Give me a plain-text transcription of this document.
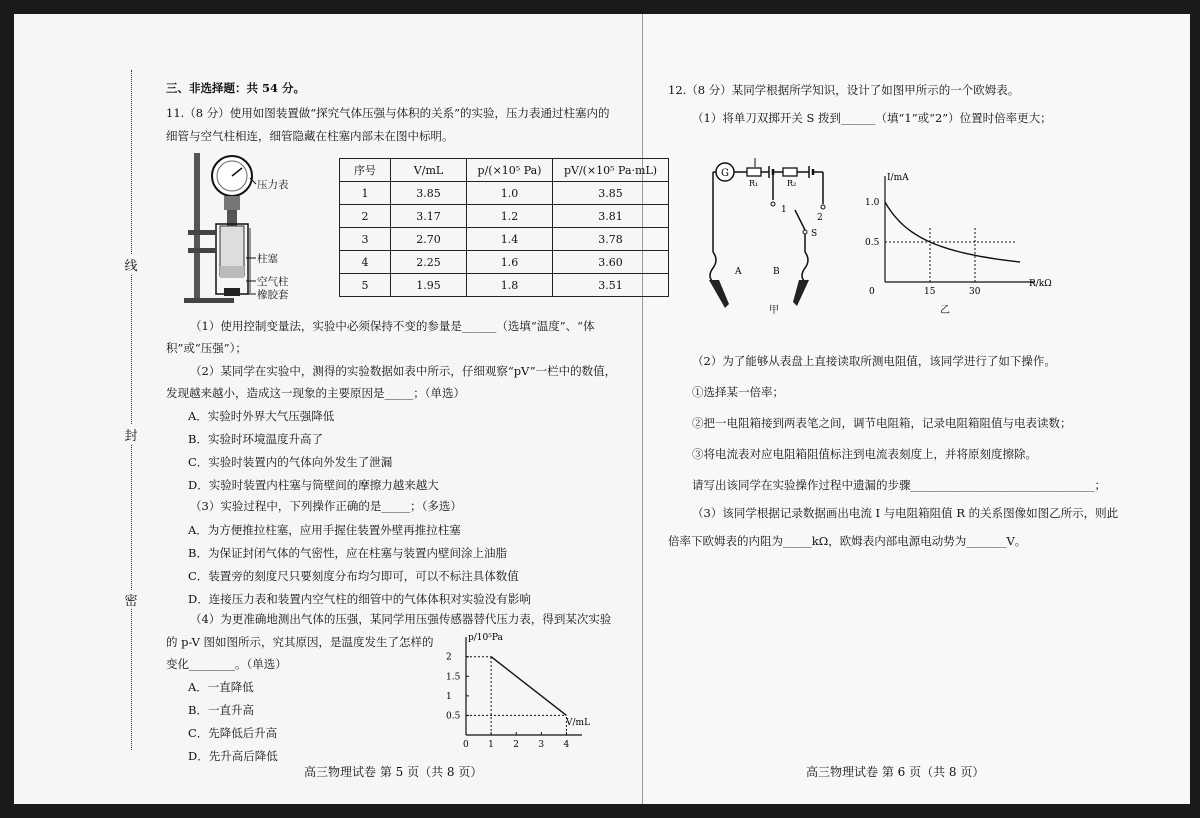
线
封
密
三、非选择题：共 54 分。
11.（8 分）使用如图装置做“探究气体压强与体积的关系”的实验，压力表通过柱塞内的
细管与空气柱相连，细管隐藏在柱塞内部未在图中标明。
压力表
柱塞
空气柱
橡胶套
序号	V/mL	p/(×10⁵ Pa)	pV/(×10⁵ Pa·mL)
1	3.85	1.0	3.85
2	3.17	1.2	3.81
3	2.70	1.4	3.78
4	2.25	1.6	3.60
5	1.95	1.8	3.51
（1）使用控制变量法，实验中必须保持不变的参量是______（选填“温度”、“体
积”或“压强”）；
（2）某同学在实验中，测得的实验数据如表中所示，仔细观察“pV”一栏中的数值，
发现越来越小，造成这一现象的主要原因是_____；（单选）
A．实验时外界大气压强降低
B．实验时环境温度升高了
C．实验时装置内的气体向外发生了泄漏
D．实验时装置内柱塞与筒壁间的摩擦力越来越大
（3）实验过程中，下列操作正确的是_____；（多选）
A．为方便推拉柱塞，应用手握住装置外壁再推拉柱塞
B．为保证封闭气体的气密性，应在柱塞与装置内壁间涂上油脂
C．装置旁的刻度尺只要刻度分布均匀即可，可以不标注具体数值
D．连接压力表和装置内空气柱的细管中的气体体积对实验没有影响
（4）为更准确地测出气体的压强，某同学用压强传感器替代压力表，得到某次实验
的 p-V 图如图所示，究其原因，是温度发生了怎样的
变化________。（单选）
A．一直降低
B．一直升高
C．先降低后升高
D．先升高后降低
0 1 2 3 4
0.5
1
1.5
2
p/10⁵Pa
V/mL
高三物理试卷 第 5 页（共 8 页）
12.（8 分）某同学根据所学知识，设计了如图甲所示的一个欧姆表。
（1）将单刀双掷开关 S 拨到______（填“1”或“2”）位置时倍率更大；
G
R₁	R₂
1
2
S
A	B
甲
0	15	30
0.5
1.0
I/mA
R/kΩ
乙
（2）为了能够从表盘上直接读取所测电阻值，该同学进行了如下操作。
①选择某一倍率；
②把一电阻箱接到两表笔之间，调节电阻箱，记录电阻箱阻值与电表读数；
③将电流表对应电阻箱阻值标注到电流表刻度上，并将原刻度擦除。
请写出该同学在实验操作过程中遗漏的步骤________________________________；
（3）该同学根据记录数据画出电流 I 与电阻箱阻值 R 的关系图像如图乙所示，则此
倍率下欧姆表的内阻为_____kΩ，欧姆表内部电源电动势为_______V。
高三物理试卷 第 6 页（共 8 页）
